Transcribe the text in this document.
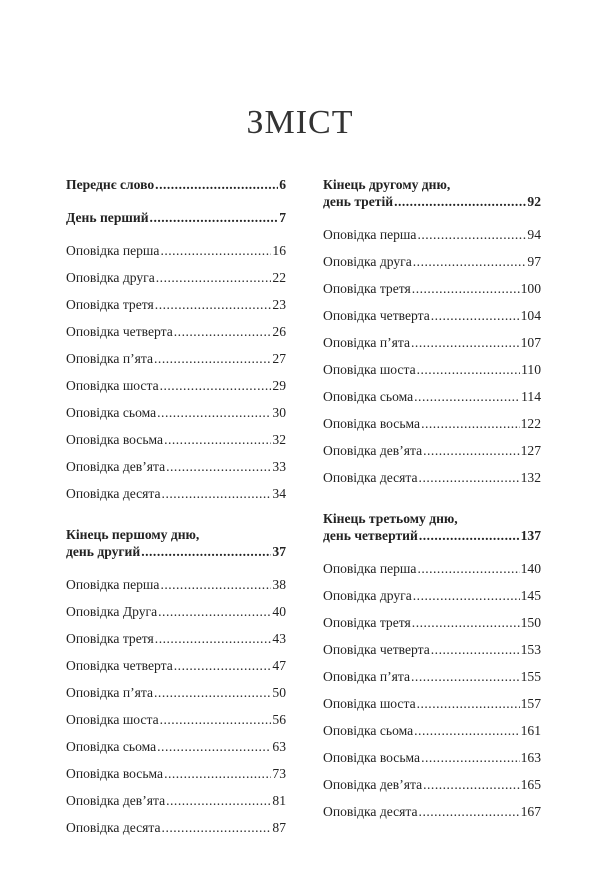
ЗМІСТ
Переднє слово .....	6
День перший .....	7
Оповідка перша .....	16
Оповідка друга .....	22
Оповідка третя .....	23
Оповідка четверта .....	26
Оповідка п’ята .....	27
Оповідка шоста .....	29
Оповідка сьома .....	30
Оповідка восьма .....	32
Оповідка дев’ята .....	33
Оповідка десята .....	34
Кінець першому дню,
день другий .....	37
Оповідка перша .....	38
Оповідка Друга .....	40
Оповідка третя .....	43
Оповідка четверта .....	47
Оповідка п’ята .....	50
Оповідка шоста .....	56
Оповідка сьома .....	63
Оповідка восьма .....	73
Оповідка дев’ята .....	81
Оповідка десята .....	87
Кінець другому дню,
день третій .....	92
Оповідка перша .....	94
Оповідка друга .....	97
Оповідка третя .....	100
Оповідка четверта .....	104
Оповідка п’ята .....	107
Оповідка шоста .....	110
Оповідка сьома .....	114
Оповідка восьма .....	122
Оповідка дев’ята .....	127
Оповідка десята .....	132
Кінець третьому дню,
день четвертий .....	137
Оповідка перша .....	140
Оповідка друга .....	145
Оповідка третя .....	150
Оповідка четверта .....	153
Оповідка п’ята .....	155
Оповідка шоста .....	157
Оповідка сьома .....	161
Оповідка восьма .....	163
Оповідка дев’ята .....	165
Оповідка десята .....	167
